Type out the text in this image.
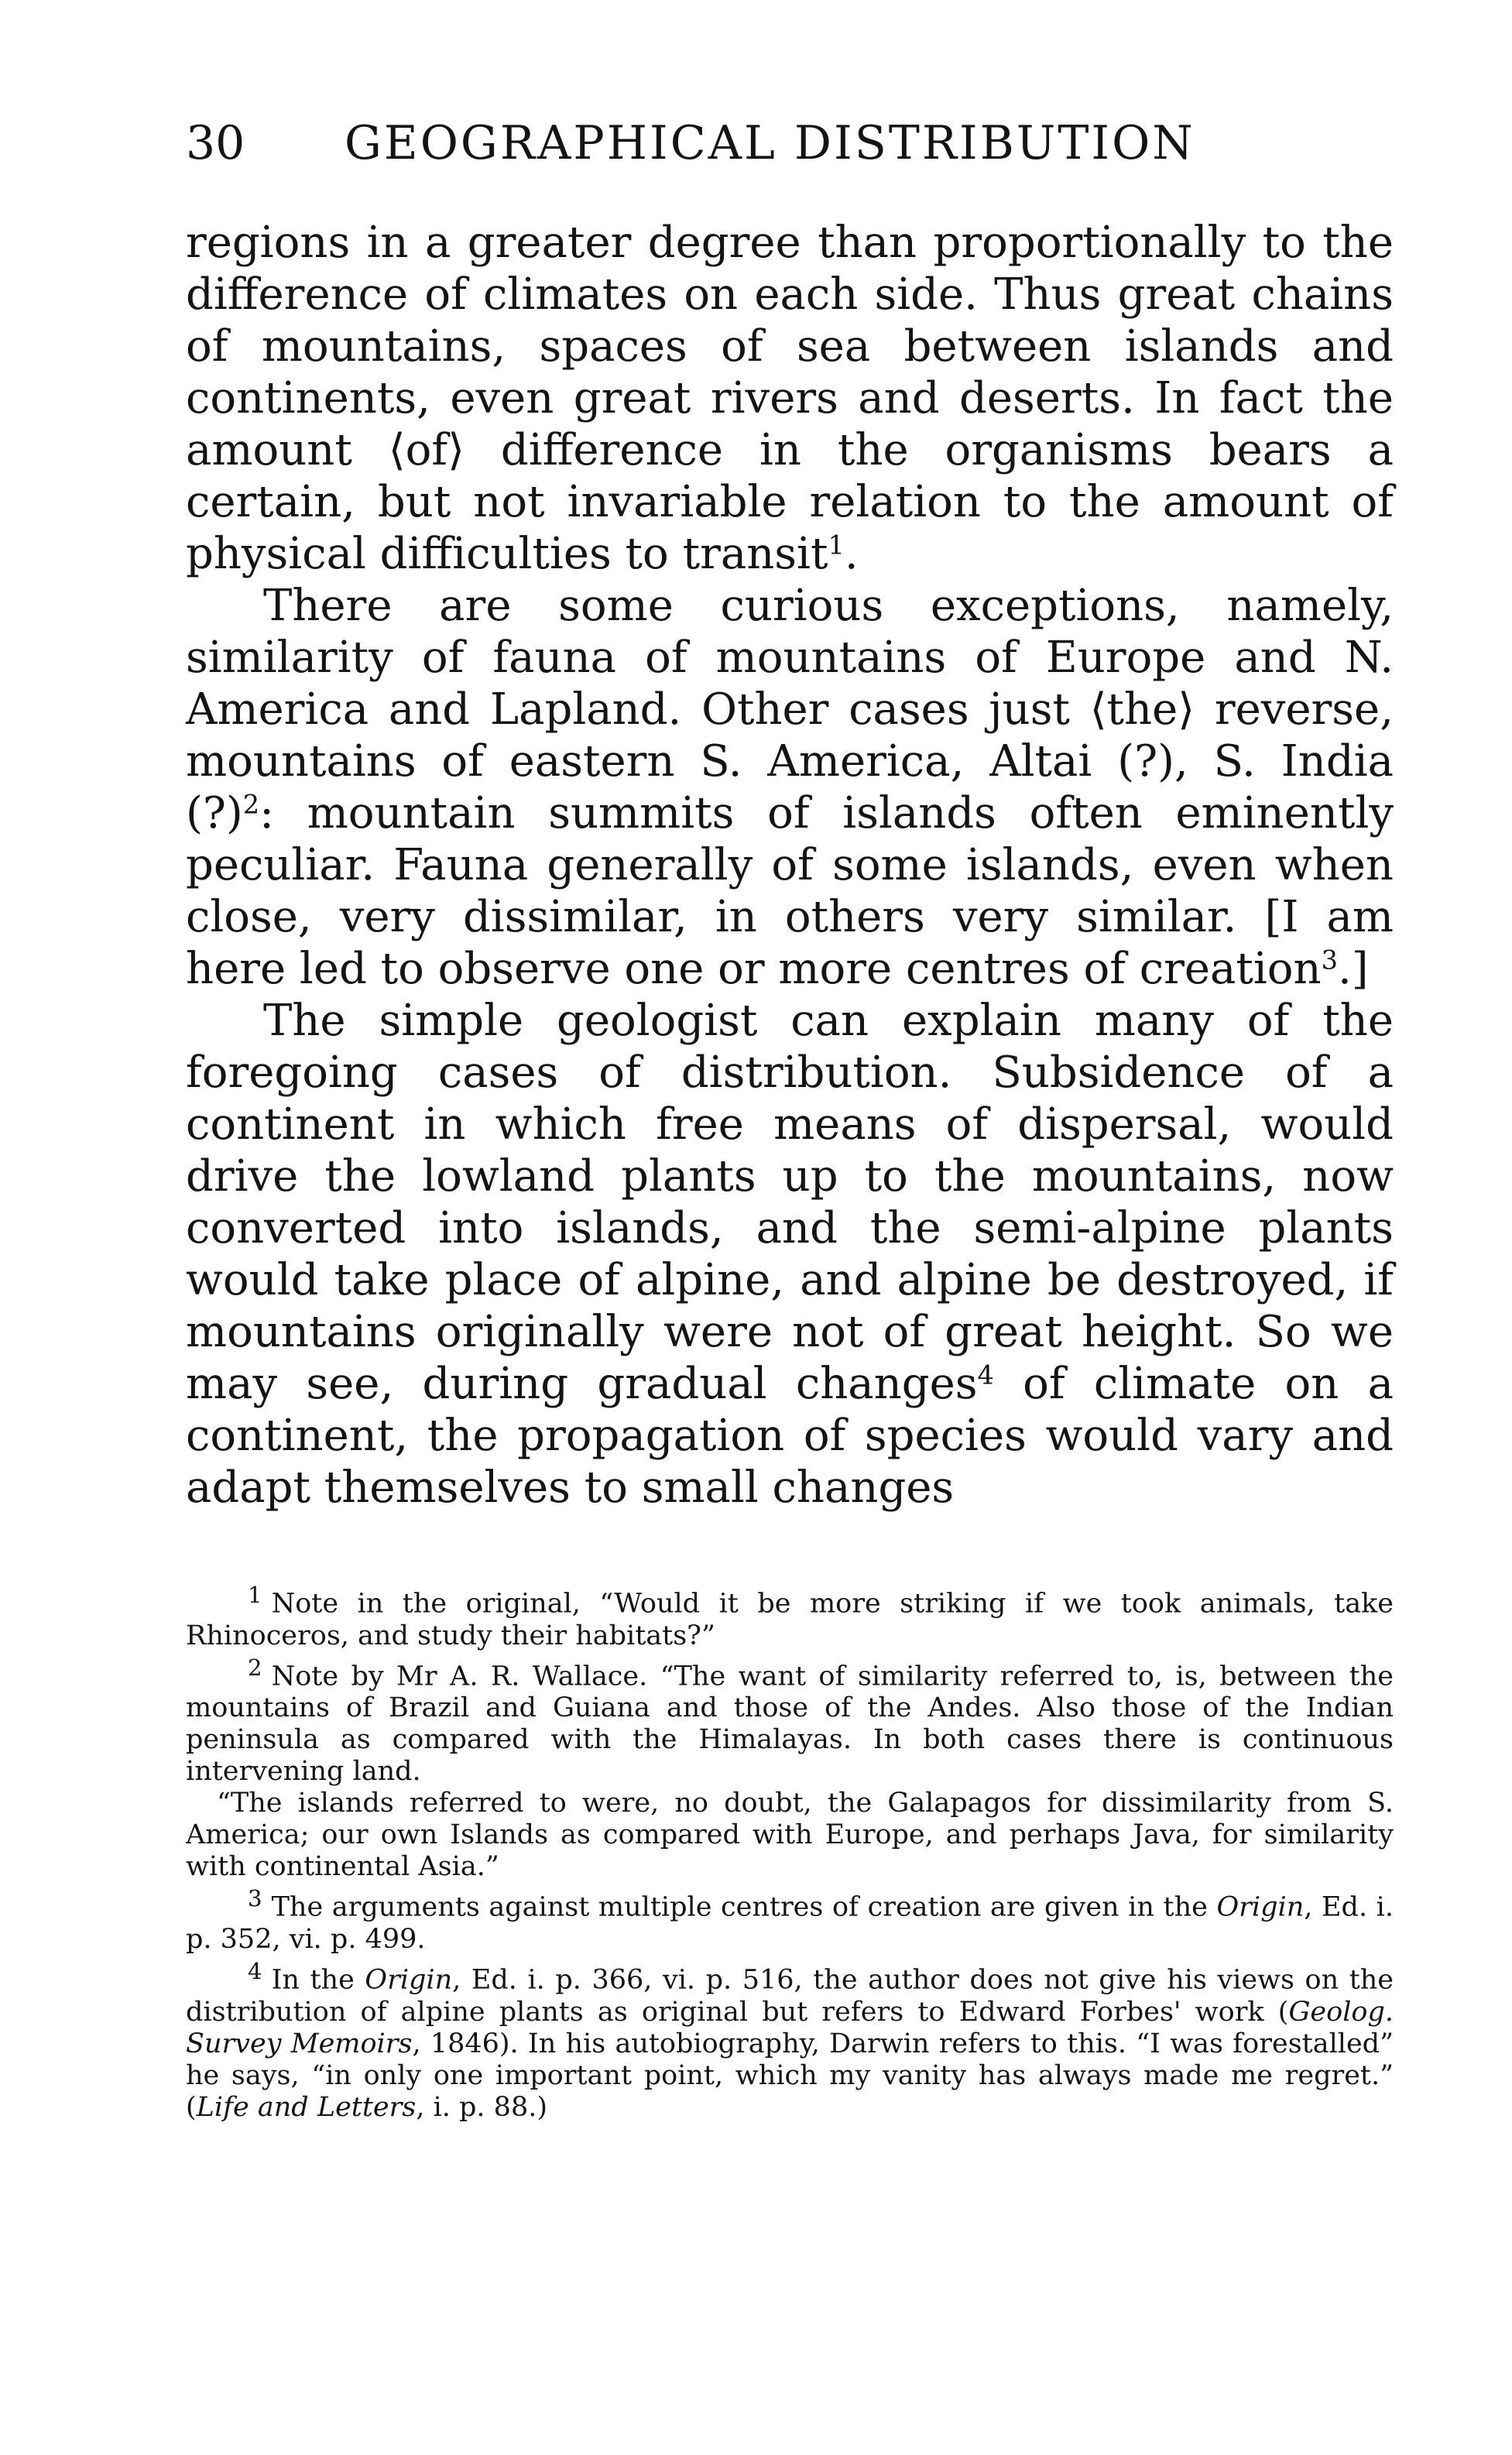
30 GEOGRAPHICAL DISTRIBUTION

regions in a greater degree than proportionally to the difference of climates on each side. Thus great chains of mountains, spaces of sea between islands and continents, even great rivers and deserts. In fact the amount ⟨of⟩ difference in the organisms bears a certain, but not invariable relation to the amount of physical difficulties to transit$^1$.

There are some curious exceptions, namely, similarity of fauna of mountains of Europe and N. America and Lapland. Other cases just ⟨the⟩ reverse, mountains of eastern S. America, Altai (?), S. India (?)$^2$: mountain summits of islands often eminently peculiar. Fauna generally of some islands, even when close, very dissimilar, in others very similar. [I am here led to observe one or more centres of creation$^3$.]

The simple geologist can explain many of the foregoing cases of distribution. Subsidence of a continent in which free means of dispersal, would drive the lowland plants up to the mountains, now converted into islands, and the semi-alpine plants would take place of alpine, and alpine be destroyed, if mountains originally were not of great height. So we may see, during gradual changes$^4$ of climate on a continent, the propagation of species would vary and adapt themselves to small changes

$^1$ Note in the original, “Would it be more striking if we took animals, take Rhinoceros, and study their habitats?”

$^2$ Note by Mr A. R. Wallace. “The want of similarity referred to, is, between the mountains of Brazil and Guiana and those of the Andes. Also those of the Indian peninsula as compared with the Himalayas. In both cases there is continuous intervening land.

“The islands referred to were, no doubt, the Galapagos for dissimilarity from S. America; our own Islands as compared with Europe, and perhaps Java, for similarity with continental Asia.”

$^3$ The arguments against multiple centres of creation are given in the Origin, Ed. i. p. 352, vi. p. 499.

$^4$ In the Origin, Ed. i. p. 366, vi. p. 516, the author does not give his views on the distribution of alpine plants as original but refers to Edward Forbes' work (Geolog. Survey Memoirs, 1846). In his autobiography, Darwin refers to this. “I was forestalled” he says, “in only one important point, which my vanity has always made me regret.” (Life and Letters, i. p. 88.)
